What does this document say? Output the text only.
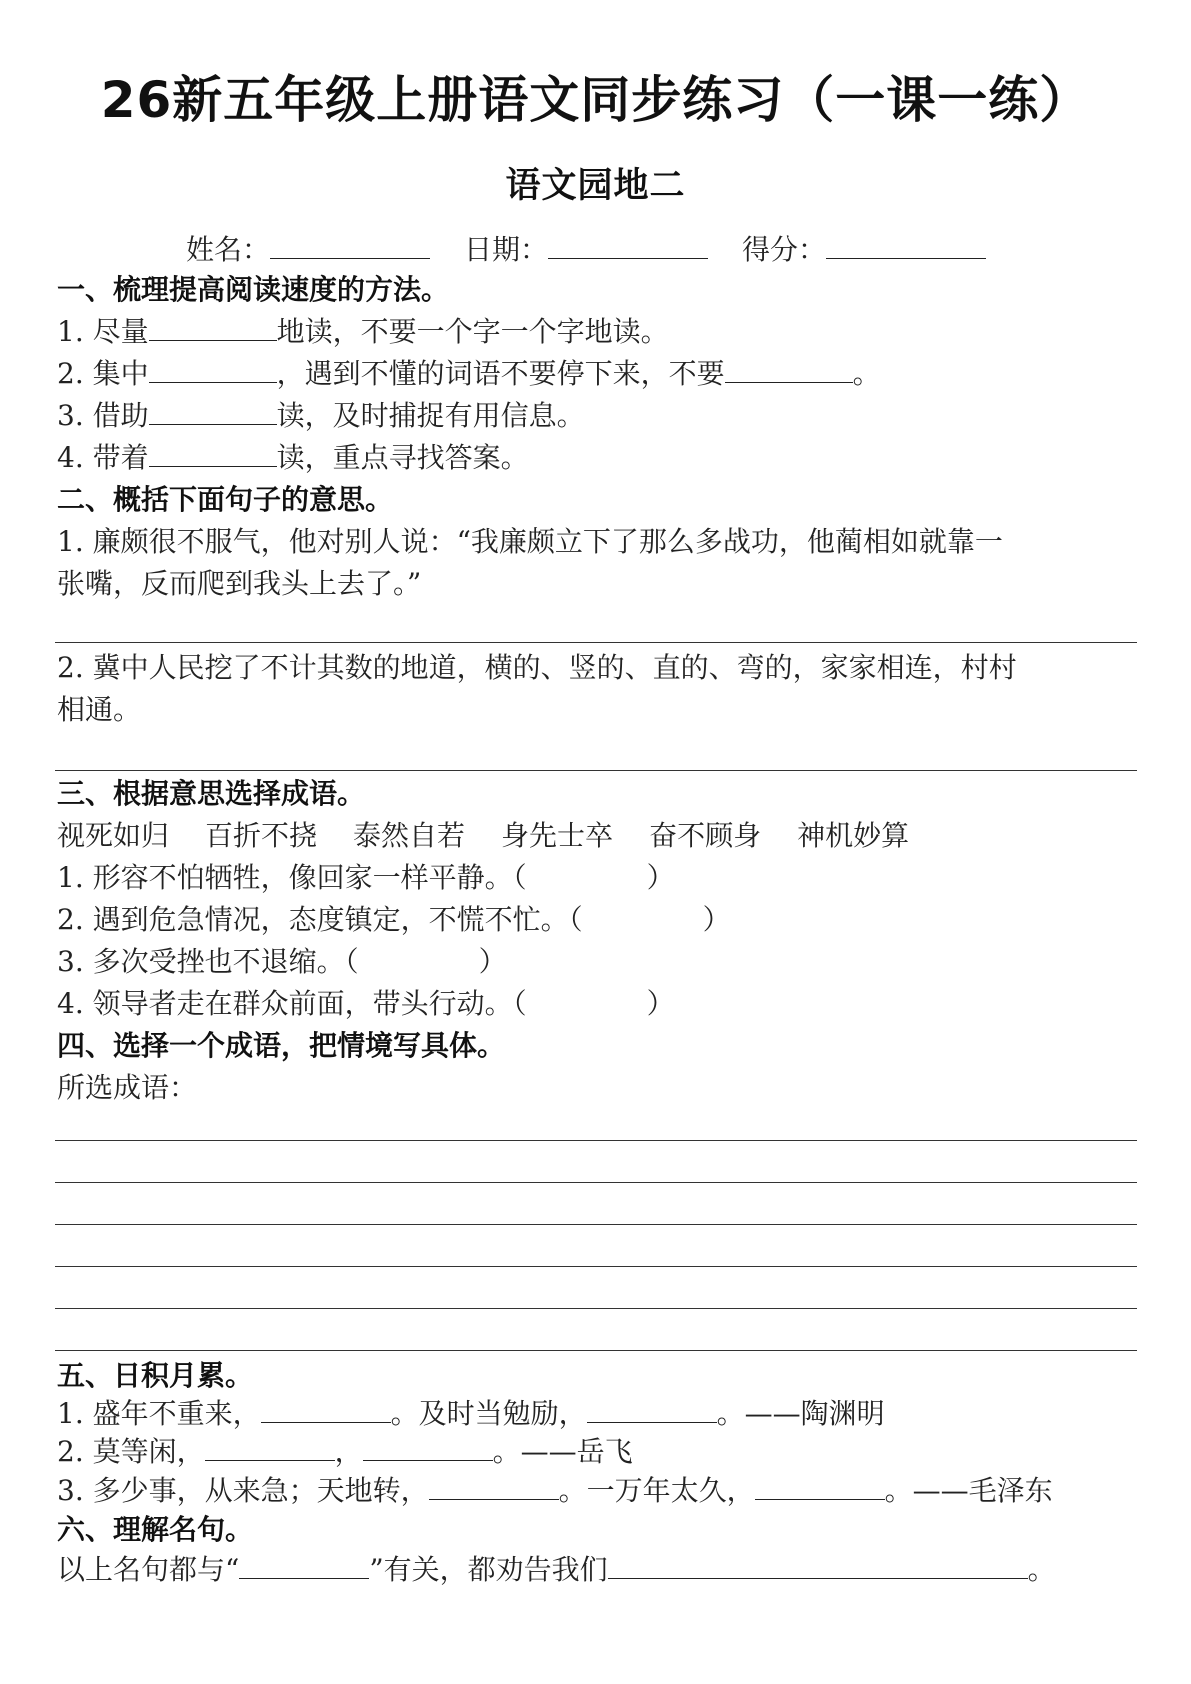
26新五年级上册语文同步练习（一课一练）
语文园地二
姓名：	日期：	得分：
一、梳理提高阅读速度的方法。
1. 尽量	地读，不要一个字一个字地读。
2. 集中	，遇到不懂的词语不要停下来，不要	。
3. 借助	读，及时捕捉有用信息。
4. 带着	读，重点寻找答案。
二、概括下面句子的意思。
1. 廉颇很不服气，他对别人说：“我廉颇立下了那么多战功，他蔺相如就靠一
张嘴，反而爬到我头上去了。”
2. 冀中人民挖了不计其数的地道，横的、竖的、直的、弯的，家家相连，村村
相通。
三、根据意思选择成语。
视死如归 百折不挠 泰然自若 身先士卒 奋不顾身 神机妙算
1. 形容不怕牺牲，像回家一样平静。（	）
2. 遇到危急情况，态度镇定，不慌不忙。（	）
3. 多次受挫也不退缩。（	）
4. 领导者走在群众前面，带头行动。（	）
四、选择一个成语，把情境写具体。
所选成语：
五、日积月累。
1. 盛年不重来，	。及时当勉励，	。——陶渊明
2. 莫等闲，	，	。——岳飞
3. 多少事，从来急；天地转，	。一万年太久，	。——毛泽东
六、理解名句。
以上名句都与“	”有关，都劝告我们	。
